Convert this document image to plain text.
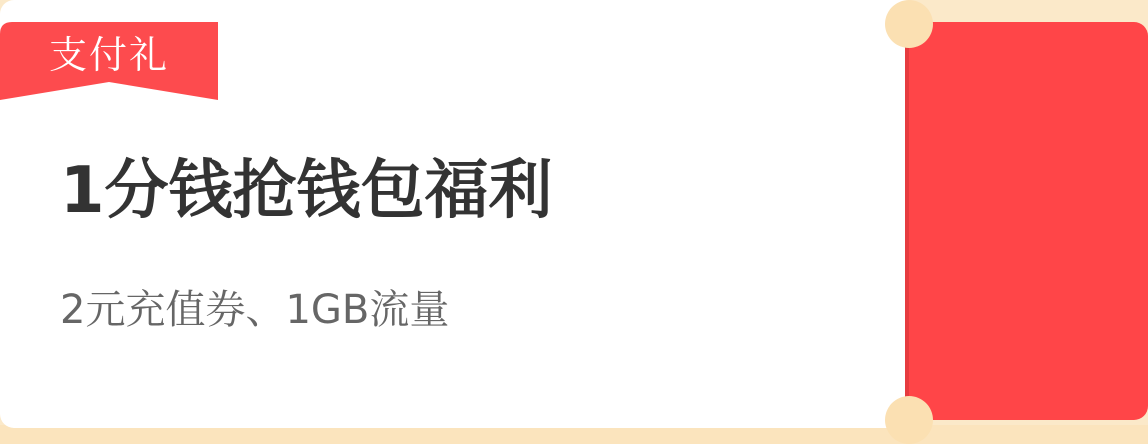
支付礼
1分钱抢钱包福利
2元充值券、1GB流量
